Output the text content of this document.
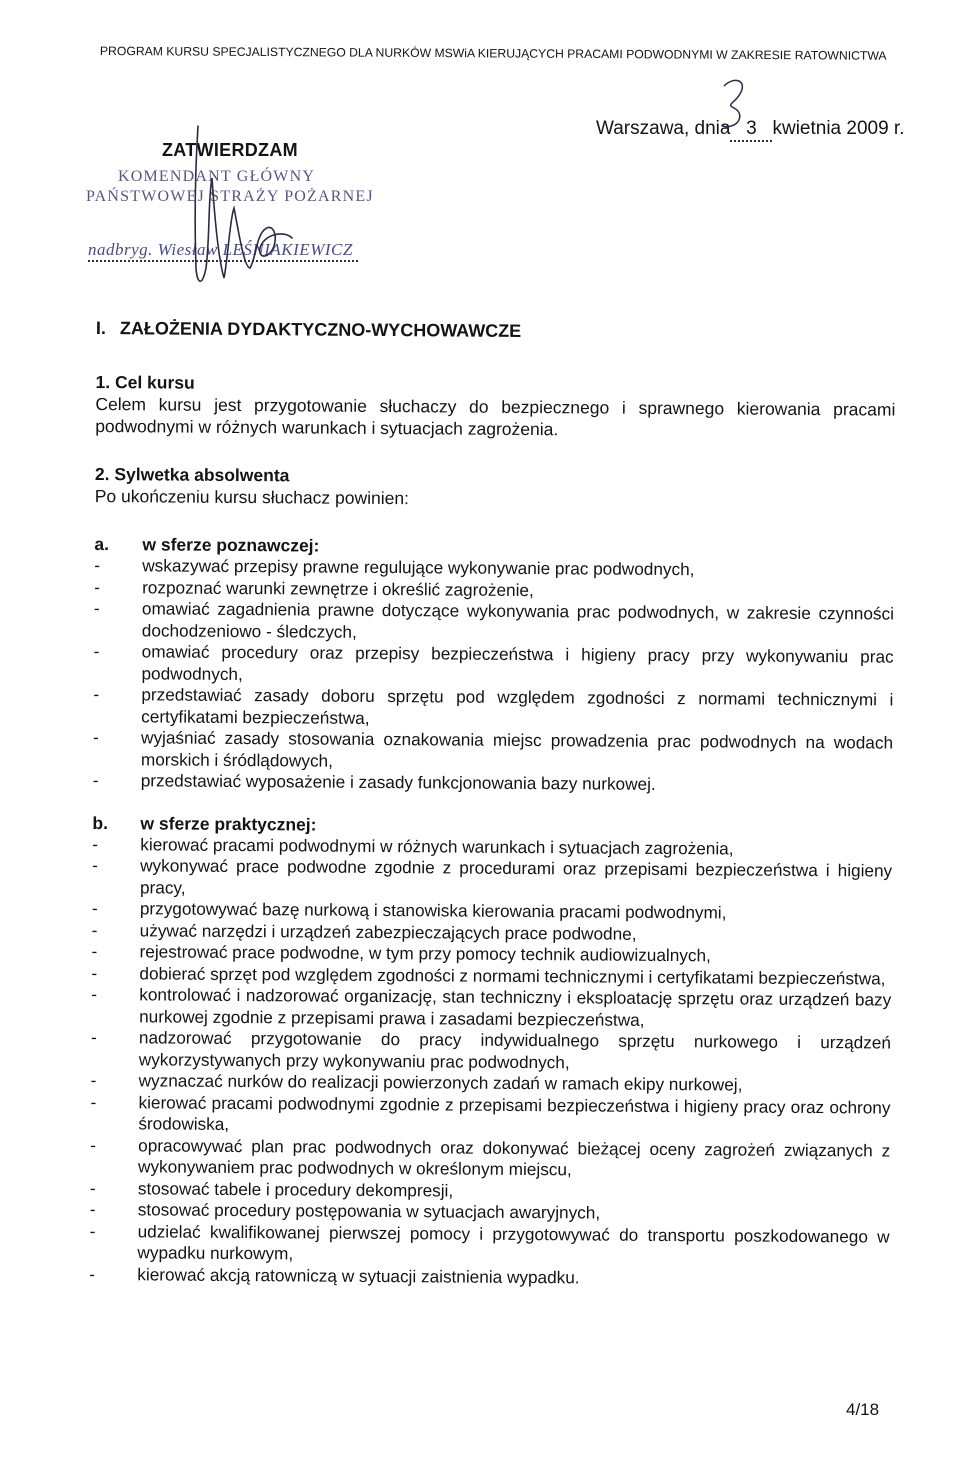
PROGRAM KURSU SPECJALISTYCZNEGO DLA NURKÓW MSWiA KIERUJĄCYCH PRACAMI PODWODNYMI W ZAKRESIE RATOWNICTWA
ZATWIERDZAM
KOMENDANT GŁÓWNY
PAŃSTWOWEJ STRAŻY POŻARNEJ
nadbryg. Wiesław LEŚNIAKIEWICZ
Warszawa, dnia 3 kwietnia 2009 r.
I. ZAŁOŻENIA DYDAKTYCZNO-WYCHOWAWCZE

1. Cel kursu

Celem kursu jest przygotowanie słuchaczy do bezpiecznego i sprawnego kierowania pracami podwodnymi w różnych warunkach i sytuacjach zagrożenia.

2. Sylwetka absolwenta

Po ukończeniu kursu słuchacz powinien:

a. w sferze poznawczej:

- wskazywać przepisy prawne regulujące wykonywanie prac podwodnych,
- rozpoznać warunki zewnętrze i określić zagrożenie,
- omawiać zagadnienia prawne dotyczące wykonywania prac podwodnych, w zakresie czynności dochodzeniowo - śledczych,
- omawiać procedury oraz przepisy bezpieczeństwa i higieny pracy przy wykonywaniu prac podwodnych,
- przedstawiać zasady doboru sprzętu pod względem zgodności z normami technicznymi i certyfikatami bezpieczeństwa,
- wyjaśniać zasady stosowania oznakowania miejsc prowadzenia prac podwodnych na wodach morskich i śródlądowych,
- przedstawiać wyposażenie i zasady funkcjonowania bazy nurkowej.

b. w sferze praktycznej:

- kierować pracami podwodnymi w różnych warunkach i sytuacjach zagrożenia,
- wykonywać prace podwodne zgodnie z procedurami oraz przepisami bezpieczeństwa i higieny pracy,
- przygotowywać bazę nurkową i stanowiska kierowania pracami podwodnymi,
- używać narzędzi i urządzeń zabezpieczających prace podwodne,
- rejestrować prace podwodne, w tym przy pomocy technik audiowizualnych,
- dobierać sprzęt pod względem zgodności z normami technicznymi i certyfikatami bezpieczeństwa,
- kontrolować i nadzorować organizację, stan techniczny i eksploatację sprzętu oraz urządzeń bazy nurkowej zgodnie z przepisami prawa i zasadami bezpieczeństwa,
- nadzorować przygotowanie do pracy indywidualnego sprzętu nurkowego i urządzeń wykorzystywanych przy wykonywaniu prac podwodnych,
- wyznaczać nurków do realizacji powierzonych zadań w ramach ekipy nurkowej,
- kierować pracami podwodnymi zgodnie z przepisami bezpieczeństwa i higieny pracy oraz ochrony środowiska,
- opracowywać plan prac podwodnych oraz dokonywać bieżącej oceny zagrożeń związanych z wykonywaniem prac podwodnych w określonym miejscu,
- stosować tabele i procedury dekompresji,
- stosować procedury postępowania w sytuacjach awaryjnych,
- udzielać kwalifikowanej pierwszej pomocy i przygotowywać do transportu poszkodowanego w wypadku nurkowym,
- kierować akcją ratowniczą w sytuacji zaistnienia wypadku.
4/18
